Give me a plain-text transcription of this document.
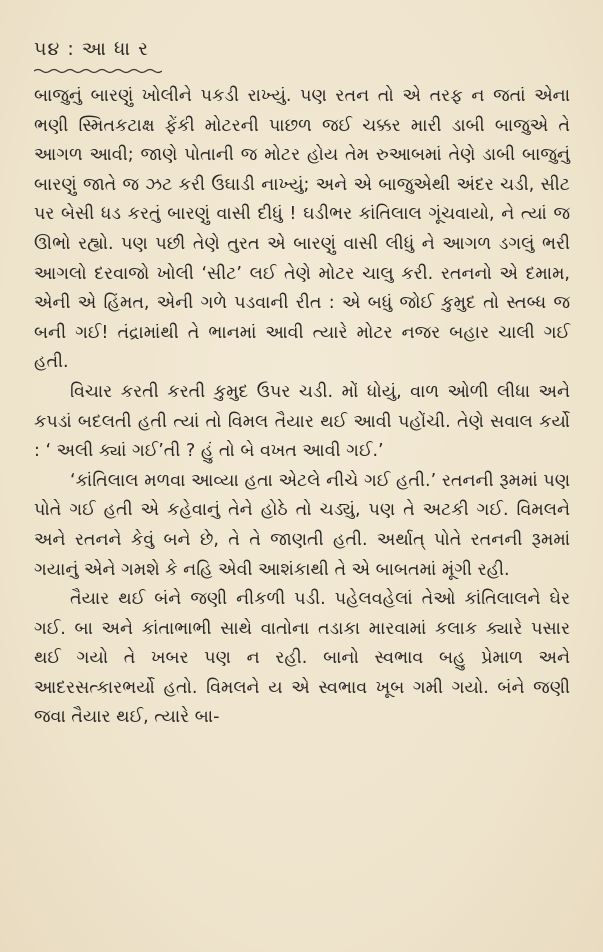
૫૪ : આ ધા ર

બાજુનું બારણું ખોલીને પકડી રાખ્યું. પણ રતન તો એ તરફ ન જતાં એના ભણી સ્મિતકટાક્ષ ફેંકી મોટરની પાછળ જઈ ચક્કર મારી ડાબી બાજુએ તે આગળ આવી; જાણે પોતાની જ મોટર હોય તેમ રુઆબમાં તેણે ડાબી બાજુનું બારણું જાતે જ ઝટ કરી ઉઘાડી નાખ્યું; અને એ બાજુએથી અંદર ચડી, સીટ પર બેસી ધડ કરતું બારણું વાસી દીધું ! ઘડીભર કાંતિલાલ ગૂંચવાયો, ને ત્યાં જ ઊભો રહ્યો. પણ પછી તેણે તુરત એ બારણું વાસી લીધું ને આગળ ડગલું ભરી આગલો દરવાજો ખોલી ‘સીટ’ લઈ તેણે મોટર ચાલુ કરી. રતનનો એ દમામ, એની એ હિંમત, એની ગળે પડવાની રીત : એ બધું જોઈ કુમુદ તો સ્તબ્ધ જ બની ગઈ! તંદ્રામાંથી તે ભાનમાં આવી ત્યારે મોટર નજર બહાર ચાલી ગઈ હતી.

વિચાર કરતી કરતી કુમુદ ઉપર ચડી. મોં ધોયું, વાળ ઓળી લીધા અને કપડાં બદલતી હતી ત્યાં તો વિમલ તૈયાર થઈ આવી પહોંચી. તેણે સવાલ કર્યો : ‘ અલી ક્યાં ગઈ’તી ? હું તો બે વખત આવી ગઈ.’

‘કાંતિલાલ મળવા આવ્યા હતા એટલે નીચે ગઈ હતી.’ રતનની રૂમમાં પણ પોતે ગઈ હતી એ કહેવાનું તેને હોઠે તો ચડ્યું, પણ તે અટકી ગઈ. વિમલને અને રતનને કેવું બને છે, તે તે જાણતી હતી. અર્થાત્ પોતે રતનની રૂમમાં ગયાનું એને ગમશે કે નહિ એવી આશંકાથી તે એ બાબતમાં મૂંગી રહી.

તૈયાર થઈ બંને જણી નીકળી પડી. પહેલવહેલાં તેઓ કાંતિલાલને ઘેર ગઈ. બા અને કાંતાભાભી સાથે વાતોના તડાકા મારવામાં કલાક ક્યારે પસાર થઈ ગયો તે ખબર પણ ન રહી. બાનો સ્વભાવ બહુ પ્રેમાળ અને આદરસત્કારભર્યો હતો. વિમલને ય એ સ્વભાવ ખૂબ ગમી ગયો. બંને જણી જવા તૈયાર થઈ, ત્યારે બા-
